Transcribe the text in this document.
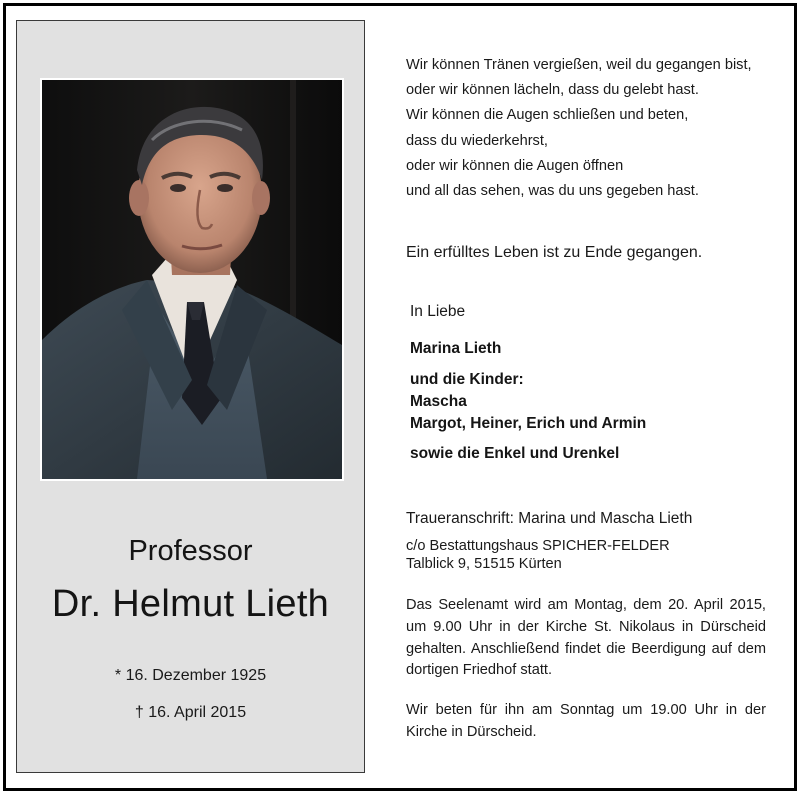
Professor
Dr. Helmut Lieth
* 16. Dezember 1925
† 16. April 2015
Wir können Tränen vergießen, weil du gegangen bist,
oder wir können lächeln, dass du gelebt hast.
Wir können die Augen schließen und beten,
dass du wiederkehrst,
oder wir können die Augen öffnen
und all das sehen, was du uns gegeben hast.
Ein erfülltes Leben ist zu Ende gegangen.
In Liebe
Marina Lieth
und die Kinder:
Mascha
Margot, Heiner, Erich und Armin
sowie die Enkel und Urenkel
Traueranschrift: Marina und Mascha Lieth
c/o Bestattungshaus SPICHER-FELDER
Talblick 9, 51515 Kürten
Das Seelenamt wird am Montag, dem 20. April 2015, um 9.00 Uhr in der Kirche St. Nikolaus in Dürscheid gehalten. Anschließend findet die Beerdigung auf dem dortigen Friedhof statt.
Wir beten für ihn am Sonntag um 19.00 Uhr in der Kirche in Dürscheid.
